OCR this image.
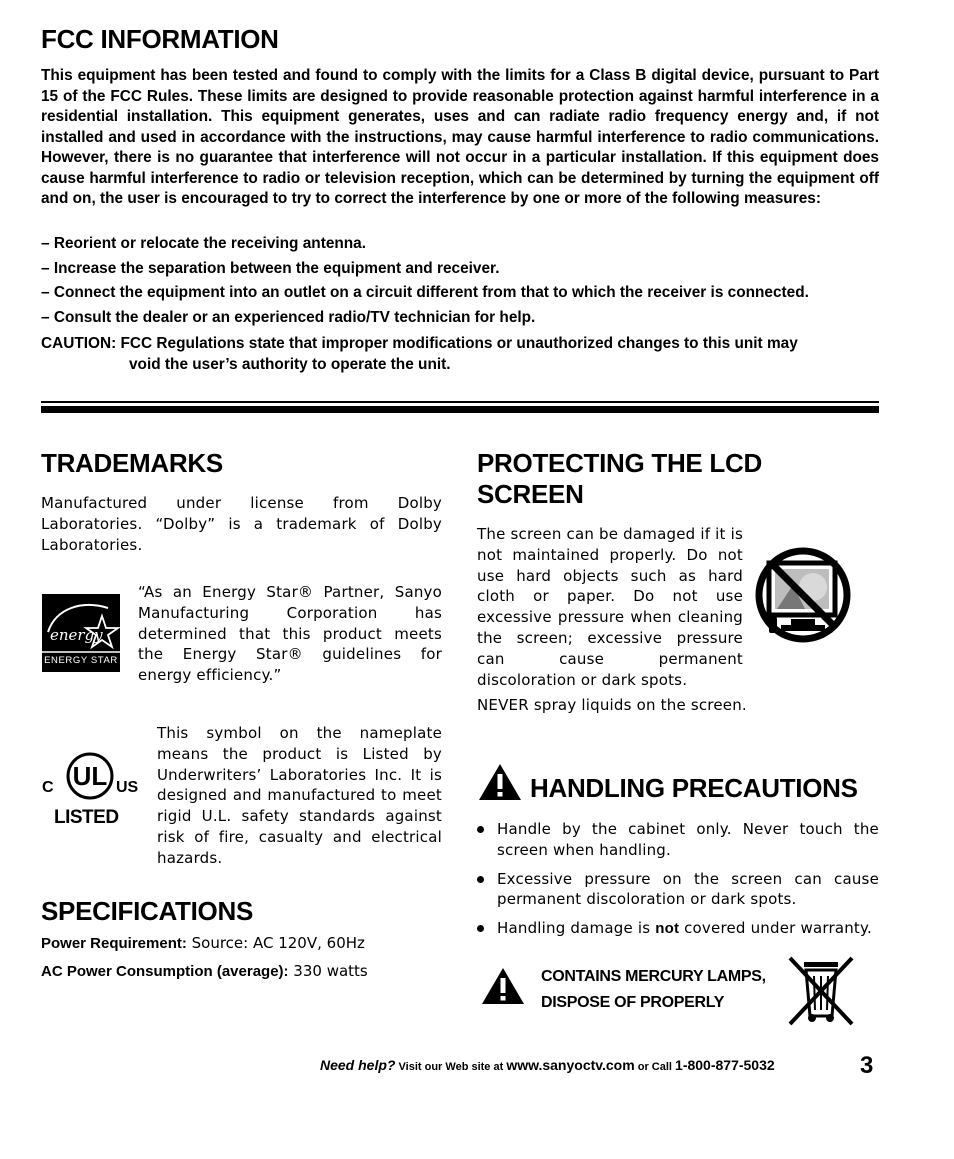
FCC INFORMATION
This equipment has been tested and found to comply with the limits for a Class B digital device, pursuant to Part 15 of the FCC Rules. These limits are designed to provide reasonable protection against harmful interference in a residential installation. This equipment generates, uses and can radiate radio frequency energy and, if not installed and used in accordance with the instructions, may cause harmful interference to radio communications. However, there is no guarantee that interference will not occur in a particular installation. If this equipment does cause harmful interference to radio or television reception, which can be determined by turning the equipment off and on, the user is encouraged to try to correct the interference by one or more of the following measures:
– Reorient or relocate the receiving antenna.
– Increase the separation between the equipment and receiver.
– Connect the equipment into an outlet on a circuit different from that to which the receiver is connected.
– Consult the dealer or an experienced radio/TV technician for help.
CAUTION: FCC Regulations state that improper modifications or unauthorized changes to this unit may
void the user’s authority to operate the unit.
TRADEMARKS
Manufactured under license from Dolby Laboratories. “Dolby” is a trademark of Dolby Laboratories.
energy
ENERGY STAR
“As an Energy Star® Partner, Sanyo Manufacturing Corporation has determined that this product meets the Energy Star® guidelines for energy efficiency.”
UL
C	US
LISTED
This symbol on the nameplate means the product is Listed by Underwriters’ Laboratories Inc. It is designed and manufactured to meet rigid U.L. safety standards against risk of fire, casualty and electrical hazards.
SPECIFICATIONS
Power Requirement: Source: AC 120V, 60Hz
AC Power Consumption (average): 330 watts
PROTECTING THE LCD
SCREEN
The screen can be damaged if it is not maintained properly. Do not use hard objects such as hard cloth or paper. Do not use excessive pressure when cleaning the screen; excessive pressure can cause permanent discoloration or dark spots.
NEVER spray liquids on the screen.
HANDLING PRECAUTIONS
Handle by the cabinet only. Never touch the screen when handling.
Excessive pressure on the screen can cause permanent discoloration or dark spots.
Handling damage is not covered under warranty.
CONTAINS MERCURY LAMPS,
DISPOSE OF PROPERLY
Need help? Visit our Web site at www.sanyoctv.com or Call 1-800-877-5032	3
